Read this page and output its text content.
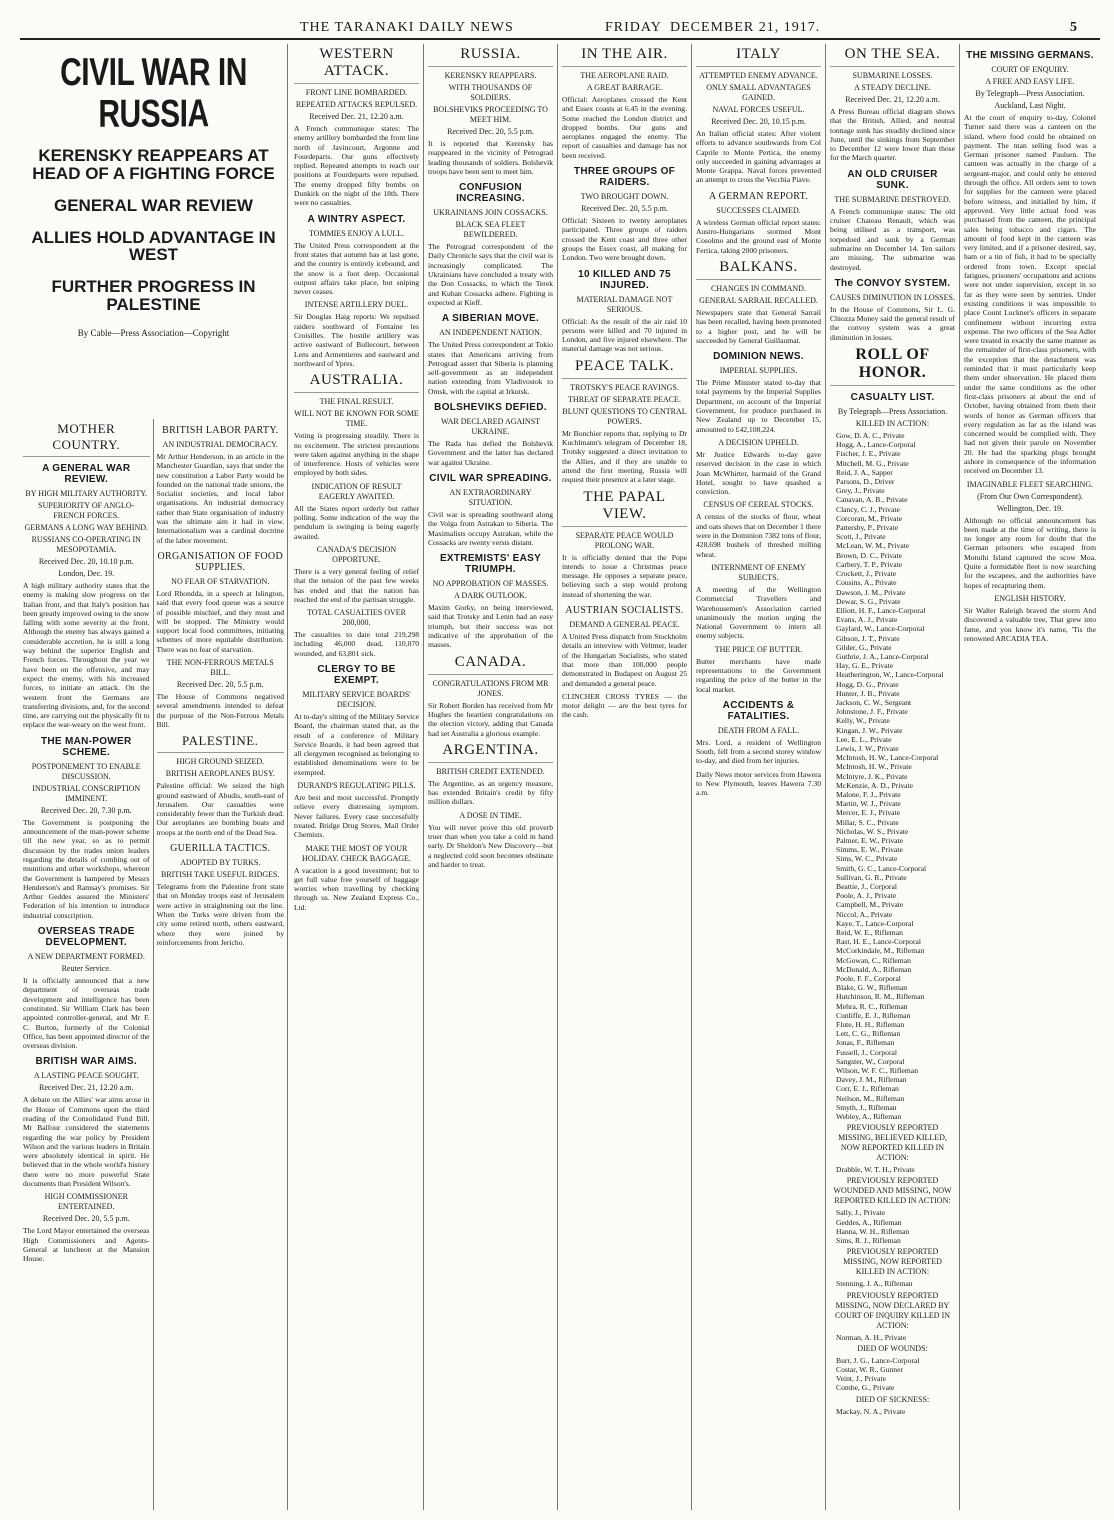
THE TARANAKI DAILY NEWS	FRIDAY DECEMBER 21, 1917.	5
CIVIL WAR IN RUSSIA
KERENSKY REAPPEARS AT HEAD OF A FIGHTING FORCE
GENERAL WAR REVIEW
ALLIES HOLD ADVANTAGE IN WEST
FURTHER PROGRESS IN PALESTINE
By Cable—Press Association—Copyright
MOTHER COUNTRY.
A GENERAL WAR REVIEW.

BY HIGH MILITARY AUTHORITY.

SUPERIORITY OF ANGLO-FRENCH FORCES.

GERMANS A LONG WAY BEHIND.

RUSSIANS CO-OPERATING IN MESOPOTAMIA.

Received Dec. 20, 10.10 p.m.

London, Dec. 19.

A high military authority states that the enemy is making slow progress on the Italian front, and that Italy's position has been greatly improved owing to the snow falling with some severity at the front. Although the enemy has always gained a considerable accretion, he is still a long way behind the superior English and French forces. Throughout the year we have been on the offensive, and may expect the enemy, with his increased forces, to initiate an attack. On the western front the Germans are transferring divisions, and, for the second time, are carrying out the physically fit to replace the war-weary on the west front.

THE MAN-POWER SCHEME.

POSTPONEMENT TO ENABLE DISCUSSION.

INDUSTRIAL CONSCRIPTION IMMINENT.

Received Dec. 20, 7.30 p.m.

The Government is postponing the announcement of the man-power scheme till the new year, so as to permit discussion by the trades union leaders regarding the details of combing out of munitions and other workshops, whereon the Government is hampered by Messrs Henderson's and Ramsay's promises. Sir Arthur Geddes assured the Ministers' Federation of his intention to introduce industrial conscription.

OVERSEAS TRADE DEVELOPMENT.

A NEW DEPARTMENT FORMED.

Reuter Service.

It is officially announced that a new department of overseas trade development and intelligence has been constituted. Sir William Clark has been appointed controller-general, and Mr F. C. Burton, formerly of the Colonial Office, has been appointed director of the overseas division.

BRITISH WAR AIMS.

A LASTING PEACE SOUGHT.

Received Dec. 21, 12.20 a.m.

A debate on the Allies' war aims arose in the House of Commons upon the third reading of the Consolidated Fund Bill. Mr Balfour considered the statements regarding the war policy by President Wilson and the various leaders in Britain were absolutely identical in spirit. He believed that in the whole world's history there were no more powerful State documents than President Wilson's.

HIGH COMMISSIONER ENTERTAINED.

Received Dec. 20, 5.5 p.m.

The Lord Mayor entertained the overseas High Commissioners and Agents-General at luncheon at the Mansion House.

BRITISH LABOR PARTY.

AN INDUSTRIAL DEMOCRACY.

Mr Arthur Henderson, in an article in the Manchester Guardian, says that under the new constitution a Labor Party would be founded on the national trade unions, the Socialist societies, and local labor organisations. An industrial democracy rather than State organisation of industry was the ultimate aim it had in view. Internationalism was a cardinal doctrine of the labor movement.

ORGANISATION OF FOOD SUPPLIES.

NO FEAR OF STARVATION.

Lord Rhondda, in a speech at Islington, said that every food queue was a source of possible mischief, and they must and will be stopped. The Ministry would support local food committees, initiating schemes of more equitable distribution. There was no fear of starvation.

THE NON-FERROUS METALS BILL.

Received Dec. 20, 5.5 p.m.

The House of Commons negatived several amendments intended to defeat the purpose of the Non-Ferrous Metals Bill.

PALESTINE.

HIGH GROUND SEIZED.

BRITISH AEROPLANES BUSY.

Palestine official: We seized the high ground eastward of Abudis, south-east of Jerusalem. Our casualties were considerably fewer than the Turkish dead. Our aeroplanes are bombing boats and troops at the north end of the Dead Sea.

GUERILLA TACTICS.

ADOPTED BY TURKS.

BRITISH TAKE USEFUL RIDGES.

Telegrams from the Palestine front state that on Monday troops east of Jerusalem were active in straightening out the line. When the Turks were driven from the city some retired north, others eastward, where they were joined by reinforcements from Jericho.

WESTERN ATTACK.

FRONT LINE BOMBARDED.

REPEATED ATTACKS REPULSED.

Received Dec. 21, 12.20 a.m.

A French communique states: The enemy artillery bombarded the front line north of Javincourt, Argonne and Fourdeparts. Our guns effectively replied. Repeated attempts to reach our positions at Fourdeparts were repulsed. The enemy dropped fifty bombs on Dunkirk on the night of the 18th. There were no casualties.

A WINTRY ASPECT.

TOMMIES ENJOY A LULL.

The United Press correspondent at the front states that autumn has at last gone, and the country is entirely icebound, and the snow is a foot deep. Occasional outpost affairs take place, but sniping never ceases.

INTENSE ARTILLERY DUEL.

Sir Douglas Haig reports: We repulsed raiders southward of Fontaine les Croisilles. The hostile artillery was active eastward of Bullecourt, between Lens and Armentieres and eastward and northward of Ypres.

AUSTRALIA.

THE FINAL RESULT.

WILL NOT BE KNOWN FOR SOME TIME.

Voting is progressing steadily. There is no excitement. The strictest precautions were taken against anything in the shape of interference. Hosts of vehicles were employed by both sides.

INDICATION OF RESULT EAGERLY AWAITED.

All the States report orderly but rather polling. Some indication of the way the pendulum is swinging is being eagerly awaited.

CANADA'S DECISION OPPORTUNE.

There is a very general feeling of relief that the tension of the past few weeks has ended and that the nation has reached the end of the partisan struggle.

TOTAL CASUALTIES OVER 200,000.

The casualties to date total 219,298 including 46,000 dead, 110,070 wounded, and 63,801 sick.

CLERGY TO BE EXEMPT.

MILITARY SERVICE BOARDS' DECISION.

At to-day's sitting of the Military Service Board, the chairman stated that, as the result of a conference of Military Service Boards, it had been agreed that all clergymen recognised as belonging to established denominations were to be exempted.

DURAND'S REGULATING PILLS.

Are best and most successful. Promptly relieve every distressing symptom. Never failures. Every case successfully treated. Bridge Drug Stores, Mail Order Chemists.

MAKE THE MOST OF YOUR HOLIDAY. CHECK BAGGAGE.

A vacation is a good investment; but to get full value free yourself of baggage worries when travelling by checking through us. New Zealand Express Co., Ltd.

RUSSIA.

KERENSKY REAPPEARS.

WITH THOUSANDS OF SOLDIERS.

BOLSHEVIKS PROCEEDING TO MEET HIM.

Received Dec. 20, 5.5 p.m.

It is reported that Kerensky has reappeared in the vicinity of Petrograd leading thousands of soldiers. Bolshevik troops have been sent to meet him.

CONFUSION INCREASING.

UKRAINIANS JOIN COSSACKS.

BLACK SEA FLEET BEWILDERED.

The Petrograd correspondent of the Daily Chronicle says that the civil war is increasingly complicated. The Ukrainians have concluded a treaty with the Don Cossacks, to which the Terek and Kuban Cossacks adhere. Fighting is expected at Kieff.

A SIBERIAN MOVE.

AN INDEPENDENT NATION.

The United Press correspondent at Tokio states that Americans arriving from Petrograd assert that Siberia is planning self-government as an independent nation extending from Vladivostok to Omsk, with the capital at Irkutsk.

BOLSHEVIKS DEFIED.

WAR DECLARED AGAINST UKRAINE.

The Rada has defied the Bolshevik Government and the latter has declared war against Ukraine.

CIVIL WAR SPREADING.

AN EXTRAORDINARY SITUATION.

Civil war is spreading southward along the Volga from Astrakan to Siberia. The Maximalists occupy Astrakan, while the Cossacks are twenty versts distant.

EXTREMISTS' EASY TRIUMPH.

NO APPROBATION OF MASSES.

A DARK OUTLOOK.

Maxim Gorky, on being interviewed, said that Trotsky and Lenin had an easy triumph, but their success was not indicative of the approbation of the masses.

CANADA.

CONGRATULATIONS FROM MR JONES.

Sir Robert Borden has received from Mr Hughes the heartiest congratulations on the election victory, adding that Canada had set Australia a glorious example.

ARGENTINA.

BRITISH CREDIT EXTENDED.

The Argentine, as an urgency measure, has extended Britain's credit by fifty million dollars.

A DOSE IN TIME.

You will never prove this old proverb truer than when you take a cold in hand early. Dr Sheldon's New Discovery—but a neglected cold soon becomes obstinate and harder to treat.

IN THE AIR.

THE AEROPLANE RAID.

A GREAT BARRAGE.

Official: Aeroplanes crossed the Kent and Essex coasts at 6.45 in the evening. Some reached the London district and dropped bombs. Our guns and aeroplanes engaged the enemy. The report of casualties and damage has not been received.

THREE GROUPS OF RAIDERS.

TWO BROUGHT DOWN.

Received Dec. 20, 5.5 p.m.

Official: Sixteen to twenty aeroplanes participated. Three groups of raiders crossed the Kent coast and three other groups the Essex coast, all making for London. Two were brought down.

10 KILLED AND 75 INJURED.

MATERIAL DAMAGE NOT SERIOUS.

Official: As the result of the air raid 10 persons were killed and 70 injured in London, and five injured elsewhere. The material damage was not serious.

PEACE TALK.

TROTSKY'S PEACE RAVINGS.

THREAT OF SEPARATE PEACE.

BLUNT QUESTIONS TO CENTRAL POWERS.

Mr Bonchier reports that, replying to Dr Kuchlmann's telegram of December 18, Trotsky suggested a direct invitation to the Allies, and if they are unable to attend the first meeting, Russia will request their presence at a later stage.

THE PAPAL VIEW.

SEPARATE PEACE WOULD PROLONG WAR.

It is officially denied that the Pope intends to issue a Christmas peace message. He opposes a separate peace, believing such a step would prolong instead of shortening the war.

AUSTRIAN SOCIALISTS.

DEMAND A GENERAL PEACE.

A United Press dispatch from Stockholm details an interview with Veltmer, leader of the Hungarian Socialists, who stated that more than 100,000 people demonstrated in Budapest on August 25 and demanded a general peace.

CLINCHER CROSS TYRES — the motor delight — are the best tyres for the cash.

ITALY

ATTEMPTED ENEMY ADVANCE.

ONLY SMALL ADVANTAGES GAINED.

NAVAL FORCES USEFUL.

Received Dec. 20, 10.15 p.m.

An Italian official states: After violent efforts to advance southwards from Col Caprile to Monte Pertica, the enemy only succeeded in gaining advantages at Monte Grappa. Naval forces prevented an attempt to cross the Vecchia Piave.

A GERMAN REPORT.

SUCCESSES CLAIMED.

A wireless German official report states: Austro-Hungarians stormed Mont Cosolmo and the ground east of Monte Fertica, taking 2000 prisoners.

BALKANS.

CHANGES IN COMMAND.

GENERAL SARRAIL RECALLED.

Newspapers state that General Sarrail has been recalled, having been promoted to a higher post, and he will be succeeded by General Guillaumat.

DOMINION NEWS.

IMPERIAL SUPPLIES.

The Prime Minister stated to-day that total payments by the Imperial Supplies Department, on account of the Imperial Government, for produce purchased in New Zealand up to December 15, amounted to £42,108,224.

A DECISION UPHELD.

Mr Justice Edwards to-day gave reserved decision in the case in which Joan McWhirter, barmaid of the Grand Hotel, sought to have quashed a conviction.

CENSUS OF CEREAL STOCKS.

A census of the stocks of flour, wheat and oats shows that on December 1 there were in the Dominion 7382 tons of flour, 428,698 bushels of threshed milling wheat.

INTERNMENT OF ENEMY SUBJECTS.

A meeting of the Wellington Commercial Travellers and Warehousemen's Association carried unanimously the motion urging the National Government to intern all enemy subjects.

THE PRICE OF BUTTER.

Butter merchants have made representations to the Government regarding the price of the butter in the local market.

ACCIDENTS & FATALITIES.

DEATH FROM A FALL.

Mrs. Lord, a resident of Wellington South, fell from a second storey window to-day, and died from her injuries.

Daily News motor services from Hawera to New Plymouth, leaves Hawera 7.30 a.m.

ON THE SEA.

SUBMARINE LOSSES.

A STEADY DECLINE.

Received Dec. 21, 12.20 a.m.

A Press Bureau official diagram shows that the British, Allied, and neutral tonnage sunk has steadily declined since June, until the sinkings from September to December 12 were lower than those for the March quarter.

AN OLD CRUISER SUNK.

THE SUBMARINE DESTROYED.

A French communique states: The old cruiser Chateau Renault, which was being utilised as a transport, was torpedoed and sunk by a German submarine on December 14. Ten sailors are missing. The submarine was destroyed.

The CONVOY SYSTEM.

CAUSES DIMINUTION IN LOSSES.

In the House of Commons, Sir L. G. Chiozza Money said the general result of the convoy system was a great diminution in losses.

ROLL OF HONOR.
CASUALTY LIST.

By Telegraph—Press Association.

KILLED IN ACTION:

Gow, D. A. C., Private
Hogg, A., Lance-Corporal
Fischer, J. E., Private
Mitchell, M. G., Private
Reid, J. A., Sapper
Parsons, D., Driver
Grey, J., Private
Canavan, A. B., Private
Clancy, C. J., Private
Corcoran, M., Private
Pattersby, P., Private
Scott, J., Private
McLean, W. M., Private
Brown, D. C., Private
Carbery, T. P., Private
Crockett, J., Private
Cousins, A., Private
Dawson, J. M., Private
Dewar, S. G., Private
Elliott, H. F., Lance-Corporal
Evans, A. J., Private
Gaylard, W., Lance-Corporal
Gibson, J. T., Private
Gilder, G., Private
Guthrie, J. A., Lance-Corporal
Hay, G. E., Private
Heatherington, W., Lance-Corporal
Hogg, D. G., Private
Hunter, J. B., Private
Jackson, C. W., Sergeant
Johnstone, J. F., Private
Kelly, W., Private
Kingan, J. W., Private
Lee, E. L., Private
Lewis, J. W., Private
McIntosh, H. W., Lance-Corporal
McIntosh, H. W., Private
McIntyre, J. K., Private
McKenzie, A. D., Private
Malone, F. J., Private
Martin, W. J., Private
Mercer, E. J., Private
Millar, S. C., Private
Nicholas, W. S., Private
Palmer, E. W., Private
Simms, E. W., Private
Sims, W. C., Private
Smith, G. C., Lance-Corporal
Sullivan, G. R., Private
Beattie, J., Corporal
Poole, A. J., Private
Campbell, M., Private
Niccol, A., Private
Kaye, T., Lance-Corporal
Reid, W. E., Rifleman
Rast, H. E., Lance-Corporal
McCorkindale, M., Rifleman
McGowan, C., Rifleman
McDonald, A., Rifleman
Poole, F. F., Corporal
Blake, G. W., Rifleman
Hutchinson, R. M., Rifleman
Mehra, R. C., Rifleman
Cunliffe, E. J., Rifleman
Flute, H. H., Rifleman
Lett, C. G., Rifleman
Jonas, F., Rifleman
Fussell, J., Corporal
Sangster, W., Corporal
Wilson, W. F. C., Rifleman
Davey, J. M., Rifleman
Corr, E. J., Rifleman
Neilson, M., Rifleman
Smyth, J., Rifleman
Webley, A., Rifleman

PREVIOUSLY REPORTED MISSING, BELIEVED KILLED, NOW REPORTED KILLED IN ACTION:

Drabble, W. T. H., Private

PREVIOUSLY REPORTED WOUNDED AND MISSING, NOW REPORTED KILLED IN ACTION:

Sally, J., Private
Geddes, A., Rifleman
Hanna, W. H., Rifleman
Sims, R. J., Rifleman

PREVIOUSLY REPORTED MISSING, NOW REPORTED KILLED IN ACTION:

Stenning, J. A., Rifleman

PREVIOUSLY REPORTED MISSING, NOW DECLARED BY COURT OF INQUIRY KILLED IN ACTION:

Norman, A. H., Private

DIED OF WOUNDS:

Burr, J. G., Lance-Corporal
Costar, W. R., Gunner
Veint, J., Private
Combe, G., Private

DIED OF SICKNESS:

Mackay, N. A., Private
THE MISSING GERMANS.

COURT OF ENQUIRY.

A FREE AND EASY LIFE.

By Telegraph—Press Association.

Auckland, Last Night.

At the court of enquiry to-day, Colonel Turner said there was a canteen on the island, where food could be obtained on payment. The man selling food was a German prisoner named Paulsen. The canteen was actually in the charge of a sergeant-major, and could only be entered through the office. All orders sent to town for supplies for the canteen were placed before witness, and initialled by him, if approved. Very little actual food was purchased from the canteen, the principal sales being tobacco and cigars. The amount of food kept in the canteen was very limited, and if a prisoner desired, say, ham or a tin of fish, it had to be specially ordered from town. Except special fatigues, prisoners' occupations and actions were not under supervision, except in so far as they were seen by sentries. Under existing conditions it was impossible to place Count Luckner's officers in separate confinement without incurring extra expense. The two officers of the Sea Adler were treated in exactly the same manner as the remainder of first-class prisoners, with the exception that the detachment was reminded that it must particularly keep them under observation. He placed them under the same conditions as the other first-class prisoners at about the end of October, having obtained from them their words of honor as German officers that every regulation as far as the island was concerned would be complied with. They had not given their parole on November 20. He had the sparking plugs brought ashore in consequence of the information received on December 13.

IMAGINABLE FLEET SEARCHING.

(From Our Own Correspondent).

Wellington, Dec. 19.

Although no official announcement has been made at the time of writing, there is no longer any room for doubt that the German prisoners who escaped from Motuihi Island captured the scow Moa. Quite a formidable fleet is now searching for the escapees, and the authorities have hopes of recapturing them.

ENGLISH HISTORY.

Sir Walter Raleigh braved the storm And discovered a valuable tree, That grew into fame, and you know it's name, 'Tis the renowned ARCADIA TEA.
